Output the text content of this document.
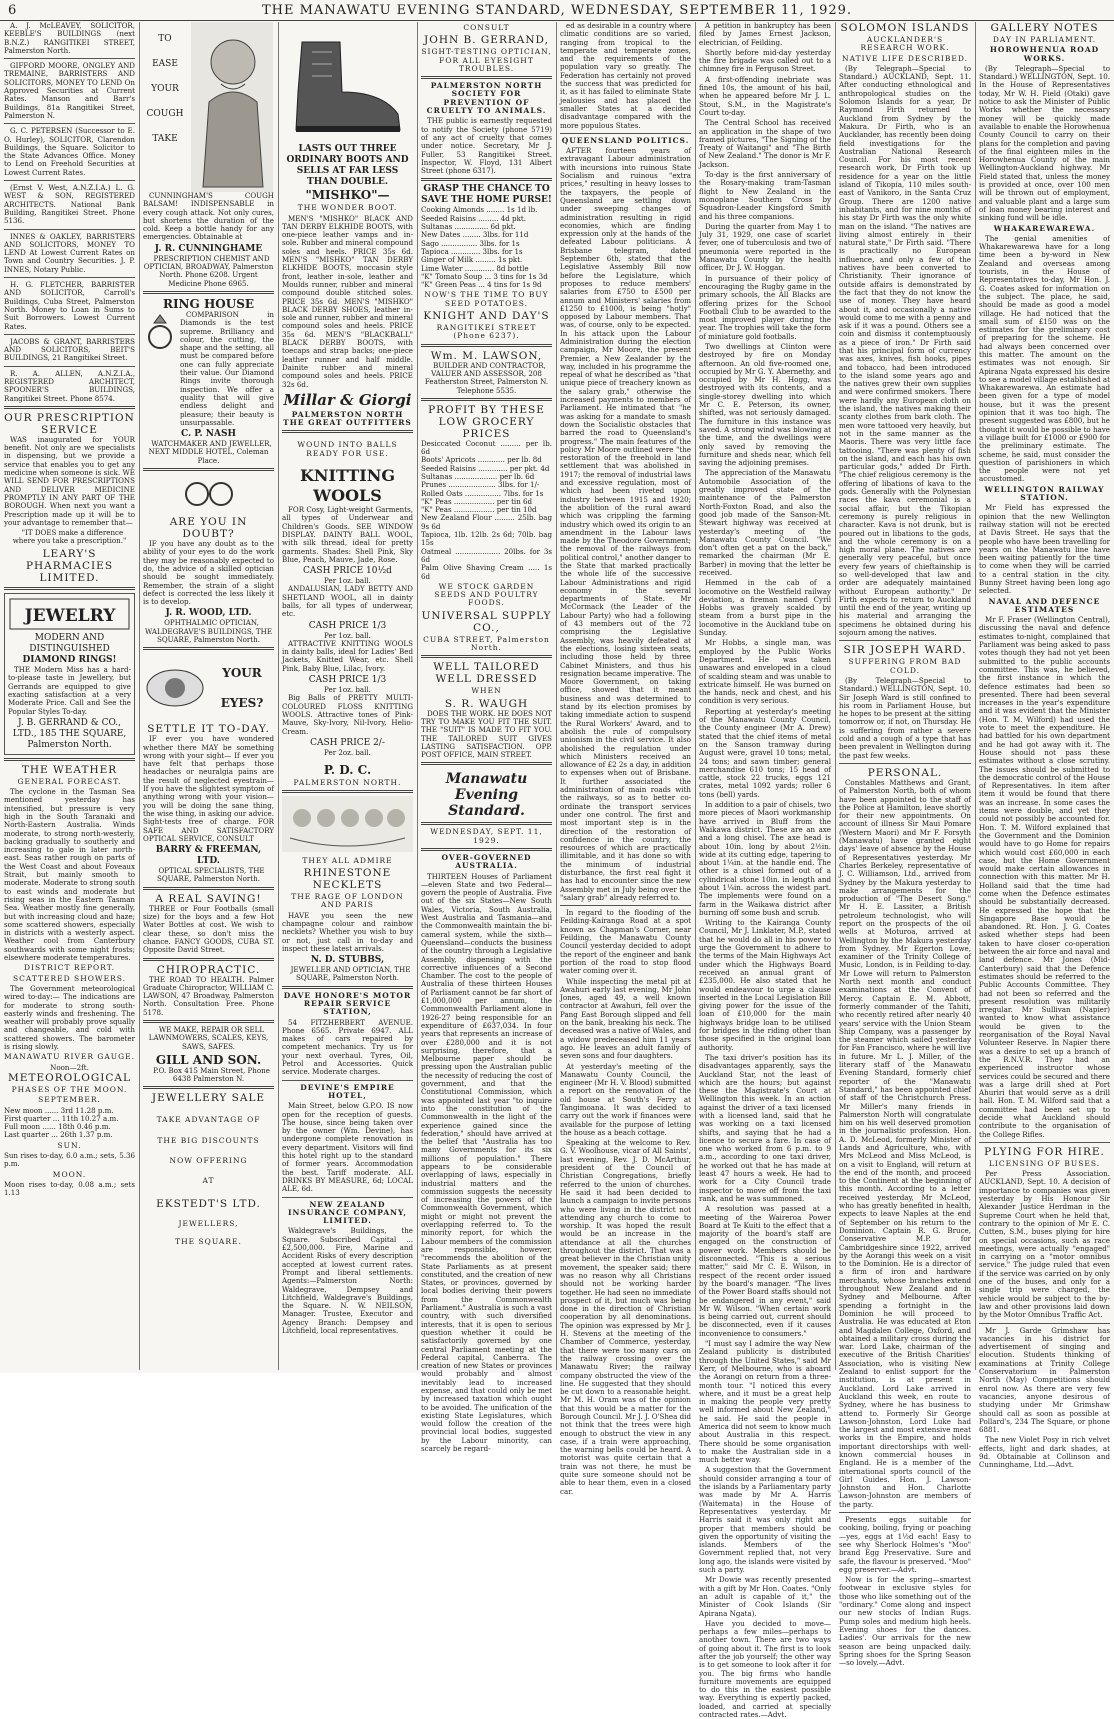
6	THE MANAWATU EVENING STANDARD, WEDNESDAY, SEPTEMBER 11, 1929.

A. J. McLEAVEY, SOLICITOR, KEEBLE'S BUILDINGS (next B.N.Z.) RANGITIKEI STREET, Palmerston North.

GIFFORD MOORE, ONGLEY AND TREMAINE, BARRISTERS AND SOLICITORS, MONEY TO LEND On Approved Securities at Current Rates. Manson and Barr's Buildings, 81a Rangitikei Street, Palmerston N.

G. C. PETERSEN (Successor to E. O. Hurley), SOLICITOR, Clarendon Buildings, the Square. Solicitor to the State Advances Office. Money to Lend on Freehold Securities at Lowest Current Rates.

(Ernst V. West, A.N.Z.I.A.) L. G. WEST & SON, REGISTERED ARCHITECTS. National Bank Building, Rangitikei Street. Phone 5136.

INNES & OAKLEY, BARRISTERS AND SOLICITORS, MONEY TO LEND At Lowest Current Rates on Town and Country Securities. J. P. INNES, Notary Public.

H. G. FLETCHER, BARRISTER AND SOLICITOR, Carroll's Buildings, Cuba Street, Palmerston North. Money to Loan in Sums to Suit Borrowers. Lowest Current Rates.

JACOBS & GRANT, BARRISTERS AND SOLICITORS, BEIT'S BUILDINGS, 21 Rangitikei Street.

R. A. ALLEN, A.N.Z.I.A., REGISTERED ARCHITECT, SPOONER'S BUILDINGS, Rangitikei Street. Phone 8574.

OUR PRESCRIPTION SERVICE

WAS inaugurated for YOUR benefit. Not only are we specialists in dispensing, but we provide a service that enables you to get any medicine when someone is sick. WE WILL SEND FOR PRESCRIPTIONS AND DELIVER MEDICINE PROMPTLY IN ANY PART OF THE BOROUGH. When next you want a Prescription made up it will be to your advantage to remember that—

"IT DOES make a difference where you take a prescription."

LEARY'S PHARMACIES LIMITED.
JEWELRY
MODERN AND
DISTINGUISHED
DIAMOND RINGS!

THE Modern Miss has a hard-to-please taste in Jewellery, but Gerrands are equipped to give exacting satisfaction at a very Moderate Price. Call and See the Popular Styles To-day.

J. B. GERRAND & CO., LTD., 185 THE SQUARE, Palmerston North.
THE WEATHER
GENERAL FORECAST.

The cyclone in the Tasman Sea mentioned yesterday has intensified, but pressure is very high in the South Taranaki and North-Eastern Australia. Winds moderate, to strong north-westerly, backing gradually to southerly and increasing to gale in later north-east. Seas rather rough on parts of the West Coast and about Foveaux Strait, but mainly smooth to moderate. Moderate to strong south to east winds and moderate but rising seas in the Eastern Tasman Sea. Weather mostly fine generally, but with increasing cloud and haze; some scattered showers, especially in districts with a westerly aspect. Weather cool from Canterbury southwards with some night frosts; elsewhere moderate temperatures.

DISTRICT REPORT.
SCATTERED SHOWERS.

The Government meteorological wired to-day:— The indications are for moderate to strong south-easterly winds and freshening. The weather will probably prove squally and changeable, and cold with scattered showers. The barometer is rising slowly.

MANAWATU RIVER GAUGE.
Noon—2ft.
METEOROLOGICAL
PHASES OF THE MOON.
SEPTEMBER.
New moon ...... 3rd 11.28 p.m.
First quarter ... 11th 10.27 a.m.
Full moon ...... 18th 0.46 p.m.
Last quarter ... 26th 1.37 p.m.
SUN.
Sun rises to-day, 6.0 a.m.; sets, 5.36 p.m.
MOON.
Moon rises to-day, 0.08 a.m.; sets 1.13
TO
EASE
YOUR
COUGH
TAKE

CUNNINGHAM'S COUGH BALSAM! INDISPENSABLE in every cough attack. Not only cures, but shortens the duration of the cold. Keep a bottle handy for any emergencies. Obtainable at

J. R. CUNNINGHAME

PRESCRIPTION CHEMIST AND OPTICIAN, BROADWAY, Palmerston North. Phone 6208. Urgent Medicine Phone 6965.

RING HOUSE

COMPARISON in Diamonds is the test supreme. Brilliancy and colour, the cutting, the shape and the setting, all must be compared before one can fully appreciate their value. Our Diamond Rings invite thorough inspection. We offer a quality that will give endless delight and pleasure; their beauty is unsurpassable.

C. P. NASH

WATCHMAKER AND JEWELLER, NEXT MIDDLE HOTEL, Coleman Place.

ARE YOU IN DOUBT?

IF you have any doubt as to the ability of your eyes to do the work they may be reasonably expected to do, the advice of a skilled optician should be sought immediately. Remember, the strain of a slight defect is corrected the less likely it is to develop.

J. R. WOOD, LTD.

OPHTHALMIC OPTICIAN, WALDEGRAVE'S BUILDINGS, THE SQUARE, Palmerston North.

YOUR
EYES?
SETTLE IT TO-DAY.

IF ever you have wondered whether there MAY be something wrong with your sight— If ever you have felt that perhaps those headaches or neuralgia pains are the result of neglected eyestrain— If you have the slightest symptom of anything wrong with your vision—you will be doing the sane thing, the wise thing, in asking our advice. Sight-tests free of charge. FOR SAFE AND SATISFACTORY OPTICAL SERVICE, CONSULT

BARRY & FREEMAN, LTD.

OPTICAL SPECIALISTS, THE SQUARE, Palmerston North.

A REAL SAVING!

THREE or Four Footballs (small size) for the boys and a few Hot Water Bottles at cost. We wish to clear these, so don't miss the chance. FANCY GOODS, CUBA ST. Opposite David Street.

CHIROPRACTIC.

THE ROAD TO HEALTH. Palmer Graduate Chiropractor, WILLIAM C. LAWSON, 47 Broadway, Palmerston North. Consultation Free. Phone 5178.

WE MAKE, REPAIR OR SELL LAWNMOWERS, SCALES, KEYS, SAWS, SAFES.

GILL AND SON.

P.O. Box 415 Main Street, Phone 6438 Palmerston N.

JEWELLERY SALE
TAKE ADVANTAGE OF
THE BIG DISCOUNTS
NOW OFFERING
AT
EKSTEDT'S LTD.
JEWELLERS,
THE SQUARE.
LASTS OUT THREE ORDINARY BOOTS AND SELLS AT FAR LESS THAN DOUBLE.
"MISHKO"—
THE WONDER BOOT.

MEN'S "MISHKO" BLACK AND TAN DERBY ELKHIDE BOOTS, with one-piece leather vamps and in-sole. Rubber and mineral compound soles and heels. PRICE 35s 6d. MEN'S "MISHKO" TAN DERBY ELKHIDE BOOTS, moccasin style front, leather in-sole, leather and Moulds runner, rubber and mineral compound double stitched soles. PRICE 35s 6d. MEN'S "MISHKO" BLACK DERBY SHOES, leather in-sole and runner, rubber and mineral compound soles and heels. PRICE 35s 6d. MEN'S "BLACKBALL" BLACK DERBY BOOTS, with toecaps and strap backs; one-piece leather runner and half middle. Dainite rubber and mineral compound soles and heels. PRICE 32s 6d.

Millar & Giorgi
PALMERSTON NORTH THE GREAT OUTFITTERS
WOUND INTO BALLS READY FOR USE.
KNITTING
WOOLS

FOR Cosy, Light-weight Garments, all types of Underwear and Children's Goods. SEE WINDOW DISPLAY. DAINTY BALL WOOL, with silk thread, ideal for pretty garments. Shades: Shell Pink, Sky Blue, Peach, Mauve, Jade, Rose.

CASH PRICE 10½d
Per 1oz. ball.

ANDALUSIAN, LADY BETTY AND SHETLAND WOOL, all in dainty balls, for all types of underwear, etc.

CASH PRICE 1/3
Per 1oz. ball.

ATTRACTIVE KNITTING WOOLS in dainty balls, ideal for Ladies' Bed Jackets, Knitted Wear, etc. Shell Pink, Baby Blue, Lilac, Ivory.

CASH PRICE 1/3
Per 1oz. ball.

Big Balls of PRETTY MULTI-COLOURED FLOSS KNITTING WOOLS. Attractive tones of Pink-Mauve, Sky-Ivory, Nil-Ivory, Helio-Cream.

CASH PRICE 2/-
Per 2oz. ball.
P. D. C.
PALMERSTON NORTH.
THEY ALL ADMIRE
RHINESTONE NECKLETS
THE RAGE OF LONDON AND PARIS

HAVE you seen the new champagne colour and rainbow necklets? Whether you wish to buy or not, just call in to-day and inspect these latest arrivals.

N. D. STUBBS,

JEWELLER AND OPTICIAN, THE SQUARE, Palmerston North.

DAVE HONORE'S MOTOR REPAIR SERVICE STATION,

54 FITZHERBERT AVENUE. Phone 6565. Private 6947. ALL makes of cars repaired by competent mechanics. Try us for your next overhaul. Tyres, Oil, Petrol and Accessories. Quick service. Moderate charges.

DEVINE'S EMPIRE HOTEL,

Main Street, below G.P.O. IS now open for the reception of guests. The house, since being taken over by the owner (Wm. Devine), has undergone complete renovation in every department. Visitors will find this hotel right up to the standard of former years. Accommodation the best. Tariff moderate. ALL DRINKS BY MEASURE, 6d; LOCAL ALE, 6d.

NEW ZEALAND INSURANCE COMPANY, LIMITED.

Waldegrave's Buildings, the Square. Subscribed Capital ... £2,500,000. Fire, Marine and Accident Risks of every description accepted at lowest current rates. Prompt and liberal settlements. Agents:—Palmerston North: Waldegrave, Dempsey and Litchfield, Waldegrave's Buildings, the Square. N. W. NEILSON, Manager. Trustee, Executor and Agency Branch: Dempsey and Litchfield, local representatives.

CONSULT
JOHN B. GERRAND,
SIGHT-TESTING OPTICIAN, FOR ALL EYESIGHT TROUBLES.
PALMERSTON NORTH SOCIETY FOR PREVENTION OF CRUELTY TO ANIMALS.

THE public is earnestly requested to notify the Society (phone 5719) of any act of cruelty that comes under notice. Secretary, Mr J. Fuller, 53 Rangitikei Street. Inspector, W. Floyd, 131 Albert Street (phone 6317).

GRASP THE CHANCE TO SAVE THE HOME PURSE!
Cooking Almonds ........ 1s 1d lb.
Seeded Raisins ......... 4d pkt.
Sultanas ............... 6d pkt.
New Dates ........ 3lbs. for 11d
Sago ................ 3lbs. for 1s
Tapioca ............. 3lbs. for 1s
Ginger of Milk ......... 1s pkt.
Lime Water ............. 8d bottle
"K" Tomato Soup ... 3 tins for 1s 3d
"K" Green Peas ... 4 tins for 1s 9d
NOW'S THE TIME TO BUY SEED POTATOES.
KNIGHT AND DAY'S
RANGITIKEI STREET (Phone 6237).
Wm. M. LAWSON,

BUILDER AND CONTRACTOR, VALUER AND ASSESSOR, 208 Featherston Street, Palmerston N. Telephone 5535.

PROFIT BY THESE LOW GROCERY PRICES
Desiccated Coconut ......... per lb. 6d
Boots' Apricots ............ per lb. 8d
Seeded Raisins ............. per pkt. 4d
Sultanas ................... per lb. 6d
Prunes ..................... 3lbs. for 1/-
Rolled Oats ................ 7lbs. for 1s
"K" Peas .................. per tin 6d
"K" Peas .................. per tin 10d
New Zealand Flour ......... 25lb. bag 9s 6d
Tapioca, 1lb. 12lb. 2s 6d; 70lb. bag 15s
Oatmeal .................... 20lbs. for 3s 6d
Palm Olive Shaving Cream ..... 1s 6d
WE STOCK GARDEN SEEDS AND POULTRY FOODS.
UNIVERSAL SUPPLY CO.,
CUBA STREET, Palmerston North.
WELL TAILORED WELL DRESSED
WHEN
S. R. WAUGH

DOES THE WORK. HE DOES NOT TRY TO MAKE YOU FIT THE SUIT. THE "SUIT" IS MADE TO FIT YOU. THE TAILORED SUIT GIVES LASTING SATISFACTION. OPP. POST OFFICE, MAIN STREET.

Manawatu
Evening Standard.
WEDNESDAY, SEPT. 11, 1929.
OVER-GOVERNED AUSTRALIA.

THIRTEEN Houses of Parliament—eleven State and two Federal—govern the people of Australia. Five out of the six States—New South Wales, Victoria, South Australia, West Australia and Tasmania—and the Commonwealth maintain the bi-cameral system, while the sixth—Queensland—conducts the business of the country through a Legislative Assembly, dispensing with the corrective influences of a Second Chamber. The cost to the people of Australia of these thirteen Houses of Parliament cannot be far short of £1,000,000 per annum, the Commonwealth Parliament alone in 1926-27 being responsible for an expenditure of £637,034. In four years that represents an increase of over £280,000 and it is not surprising, therefore, that a Melbourne paper should be pressing upon the Australian public the necessity of reducing the cost of government, and that the Constitutional Commission, which was appointed last year "to inquire into the constitution of the Commonwealth in the light of the experience gained since the federation," should have arrived at the belief that "Australia has too many Governments for its six millions of population." There appears to be considerable overlapping of laws, especially in industrial matters and the commission suggests the necessity of increasing the powers of the Commonwealth Government, which might or might not prevent the overlapping referred to. To the minority report, for which the Labour members of the commission are responsible, however, "recommends the abolition of the State Parliaments as at present constituted, and the creation of new States, or provinces, governed by local bodies deriving their powers from the Commonwealth Parliament." Australia is such a vast country, with such diversified interests, that it is open to serious question whether it could be satisfactorily governed by one central Parliament meeting at the Federal capital, Canberra. The creation of new States or provinces would probably and almost inevitably lead to increased expense, and that could only be met by increased taxation which ought to be avoided. The unification of the existing State Legislatures, which would follow the creation of the provincial local bodies, suggested by the Labour minority, can scarcely be regard-

ed as desirable in a country where climatic conditions are so varied, ranging from tropical to the temperate and temperate zones, and the requirements of the population vary so greatly. The Federation has certainly not proved the success that was predicted for it, as it has failed to eliminate State jealousies and has placed the smaller States at a decided disadvantage compared with the more populous States.

QUEENSLAND POLITICS.

AFTER fourteen years of extravagant Labour administration with incursions into ruinous State Socialism and ruinous "extra prices," resulting in heavy losses to the taxpayers, the people of Queensland are settling down under sweeping changes of administration resulting in rigid economies, which are finding expression only at the hands of the defeated Labour politicians. A Brisbane telegram, dated September 6th, stated that the Legislative Assembly Bill now before the Legislature, which proposes to reduce members' salaries from £750 to £500 per annum and Ministers' salaries from £1250 to £1000, is being "hotly" opposed by Labour members. That was, of course, only to be expected. In his attack upon the Labour Administration during the election campaign, Mr Moore, the present Premier, a New Zealander by the way, included in his programme the repeal of what he described as "that unique piece of treachery known as the salary grab," otherwise the increased payments to members of Parliament. He intimated that "he was asking for a mandate to smash down the Socialistic obstacles that barred the road to Queensland's progress." The main features of the policy Mr Moore outlined were "the restoration of the freehold in land settlement that was abolished in 1917; the removal of industrial laws and excessive regulation, most of which had been riveted upon industry between 1915 and 1920; the abolition of the rural award which was crippling the farming industry which owed its origin to an amendment in the Labour laws made by the Theodore Government; the removal of the railways from political control," another danger to the State that marked practically the whole life of the successive Labour Administrations and rigid economy in the several departments of State. Mr McCormack (the Leader of the Labour Party) who had a following of 43 members out of the 72 comprising the Legislative Assembly, was heavily defeated at the elections, losing sixteen seats, including those held by three Cabinet Ministers, and thus his resignation became imperative. The Moore Government, on taking office, showed that it meant business and was determined to stand by its election promises by taking immediate action to suspend the Rural Workers' Award, and to abolish the rule of compulsory unionism in the civil service. It also abolished the regulation under which Ministers received an allowance of £2 2s a day, in addition to expenses when out of Brisbane. It further associated the administration of main roads with the railways, so as to better co-ordinate the transport services under one control. The first and most important step is in the direction of the restoration of confidence in the country, the resources of which are practically illimitable, and it has done so with the minimum of industrial disturbance, the first real fight it has had to encounter since the new Assembly met in July being over the "salary grab" already referred to.

In regard to the flooding of the Feilding-Kairanga Road at a spot known as Chapman's Corner, near Feilding, the Manawatu County Council yesterday decided to adopt the report of the engineer and bank portion of the road to stop flood water coming over it.

While inspecting the metal pit at Awahuri early last evening, Mr John Jones, aged 49, a well known contractor at Awahuri, fell over the Pang East Borough slipped and fell on the bank, breaking his neck. The deceased was a native of Wales, and a widow predeceased him 11 years ago. He leaves an adult family of seven sons and four daughters.

At yesterday's meeting of the Manawatu County Council, the engineer (Mr H. V. Blood) submitted a report on the renovation of the old house at South's Ferry at Tangimoana. It was decided to carry out the work if finances were available for the purpose of letting the house as a beach cottage.

Speaking at the welcome to Rev. G. V. Woolhouse, vicar of All Saints', last evening, Rev. J. D. McArthur, president of the Council of Christian Congregations, briefly referred to the union of churches. He said it had been decided to launch a campaign to invite persons who were living in the district not attending any church to come to worship. It was hoped the result would be an increase in the attendance at all the churches throughout the district. That was a great believer in the Christian unity movement, the speaker said; there was no reason why all Christians should not be working harder together. He had seen no immediate prospect of it, but much was being done in the direction of Christian cooperation by all denominations. The opinion was expressed by Mr J. H. Stevens at the meeting of the Chamber of Commerce, yesterday, that there were too many cars on the railway crossing over the Manawatu River; the railway company obstructed the view of the line. He suggested that they should be cut down to a reasonable height. Mr M. H. Oram was of the opinion that this would be a matter for the Borough Council. Mr J. J. O'Shea did not think that the trees were high enough to obstruct the view in any case, if a train were approaching, the warning bells could be heard. A motorist was quite certain that a train was not there, he must be quite sure someone should not be able to hear them, even in a closed car.

A petition in bankruptcy has been filed by James Ernest Jackson, electrician, of Feilding.

Shortly before mid-day yesterday the fire brigade was called out to a chimney fire in Ferguson Street.

A first-offending inebriate was fined 10s, the amount of his bail, when he appeared before Mr J. L. Stout, S.M., in the Magistrate's Court to-day.

The Central School has received an application in the shape of two framed pictures, "The Signing of the Treaty of Waitangi" and "The Birth of New Zealand." The donor is Mr F. Jackson.

To-day is the first anniversary of the Rosary-making tram-Tasman flight to New Zealand in the monoplane Southern Cross by Squadron-Leader Kingsford Smith and his three companions.

During the quarter from May 1 to July 31, 1929, one case of scarlet fever, one of tuberculosis and two of pneumonia were reported in the Manawatu County by the health officer, Dr J. W. Hoggan.

In pursuance of their policy of encouraging the Rugby game in the primary schools, the All Blacks are offering prizes for the School Football Club to be awarded to the most improved player during the year. The trophies will take the form of miniature gold footballs.

Two dwellings at Clinton were destroyed by fire on Monday afternoon. An old five-roomed one, occupied by Mr G. Y. Abernethy, and occupied by Mr H. Hogg, was destroyed with its contents, and a single-storey dwelling into which Mr C. E. Peterson, its owner, shifted, was not seriously damaged. The furniture in this instance was saved. A strong wind was blowing at the time, and the dwellings were only saved by removing the furniture and sheds near, which fell saving the adjoining premises.

The appreciation of the Manawatu Automobile Association of the greatly improved state of the maintenance of the Palmerston North-Foxton Road, and also the good job made of the Sanson-Mt. Stewart highway was received at yesterday's meeting of the Manawatu County Council. "We don't often get a pat on the back," remarked the chairman (Mr E. Barber) in moving that the letter be received.

Hemmed in the cab of a locomotive on the Westfield railway deviation, a fireman named Cyril Hobbs was gravely scalded by steam from a burst pipe in the locomotive in the Auckland tube on Sunday.

Mr Hobbs, a single man, was employed by the Public Works Department. He was taken unawares and enveloped in a cloud of scalding steam and was unable to extricate himself. He was burned on the hands, neck and chest, and his condition is very serious.

Reporting at yesterday's meeting of the Manawatu County Council, the County engineer (Mr A. Drew) stated that the chief items of metal on the Sanson tramway during August were, gravel 10 tons; metal, 24 tons; and sawn timber; general merchandise 610 tons; 15 head of cattle, stock 22 trucks, eggs 121 crates, metal 1092 yards; roller 6 tons (bell) yards.

In addition to a pair of chisels, two more pieces of Maori workmanship have arrived in Bluff from the Waikawa district. These are an axe and a long chisel. The axe head is about 10in. long by about 2½in. wide at its cutting edge, tapering to about 1¼in. at the handle end. The other is a chisel formed out of a cylindrical stone 10in. in length and about 1¼in. across the widest part. The implements were found on a farm in the Waikawa district after burning off some bush and scrub.

Writing to the Kairanga County Council, Mr J. Linklater, M.P., stated that he would do all in his power to urge the Government to adhere to the terms of the Main Highways Act under which the Highways Board received an annual grant of £235,000. He also stated that he would endeavour to urge a clause inserted in the Local Legislation Bill giving power for the issue of the loan of £10,000 for the main highways bridge loan to be utilised for bridges in the riding other than those specified in the original loan authority.

The taxi driver's position has its disadvantages apparently, says the Auckland Star, not the least of which are the hours; but against these the Magistrate's Court at Wellington this week. In an action against the driver of a taxi licensed with a licensed land, said that he was working on a taxi licensed shifts, and saying that he had a licence to secure a fare. In case of one who worked from 6 p.m. to 9 a.m., according to one taxi driver, he worked out that he has made at least 47 hours a week. He had to work for a City Council trade inspector to move off from the taxi rank, and he was summoned.

A resolution was passed at a meeting of the Waireroa Power Board at Te Kuiti to the effect that a majority of the board's staff are engaged on the construction of power work. Members should be disconnected. "This is a serious matter," said Mr C. E. Wilson, in respect of the recent order issued by the board's manager. "The lives of the Power Board staffs should not be endangered in any event," said Mr W. Wilson. "When certain work is being carried out, current should be disconnected, even if it causes inconvenience to consumers."

"I must say I admire the way New Zealand publicity is distributed through the United States," said Mr Kerr, of Melbourne, who is aboard the Aorangi on return from a three-month tour. "I noticed this every where, and it must be a great help in making the people very pretty well informed about New Zealand," he said. He said the people in America did not seem to know much about Australia in this respect. There should be some organisation to make the Australian side in a much better way.

A suggestion that the Government should consider arranging a tour of the islands by a Parliamentary party was made by Mr A. Harris (Waitemata) in the House of Representatives yesterday. Mr Harris said it was only right and proper that members should be given the opportunity of visiting the islands. Members of the Government replied that, not very long ago, the islands were visited by such a party.

Mr Dowie was recently presented with a gift by Mr Hon. Coates. "Only an adult is capable of it," the Minister of Cook Islands (Sir Apirana Ngata).

Have you decided to move—perhaps a few miles—perhaps to another town. There are two ways of going about it. The first is to look after the job yourself; the other way is to get someone to look after it for you. The big firms who handle furniture movements are equipped to do this in the easiest possible way. Everything is expertly packed, loaded, and carried at specially contracted rates.—Advt.

SOLOMON ISLANDS
AUCKLANDER'S RESEARCH WORK.
NATIVE LIFE DESCRIBED.

(By Telegraph—Special to Standard.) AUCKLAND, Sept. 11. After conducting ethnological and anthropological studies on the Solomon Islands for a year, Dr Raymond Firth returned to Auckland from Sydney by the Makura. Dr Firth, who is an Aucklander, has recently been doing field investigations for the Australian National Research Council. For his most recent research work, Dr Firth took up residence for a year on the little island of Tikopia, 110 miles south-east of Vanikoro, in the Santa Cruz Group. There are 1200 native inhabitants, and for nine months of his stay Dr Firth was the only white man on the island. "The natives are living almost entirely in their natural state," Dr Firth said. "There is practically no European influence, and only a few of the natives have been converted to Christianity. Their ignorance of outside affairs is demonstrated by the fact that they do not know the use of money. They have heard about it, and occasionally a native would come to me with a penny and ask if it was a pound. Others see a coin and dismiss it contemptuously as a piece of iron." Dr Firth said that his principal form of currency was axes, knives, fish hooks, pipes and tobacco, had been introduced to the island some years ago and the natives grew their own supplies and were confirmed smokers. There were hardly any European cloth on the island, the natives making their scanty clothes from bark cloth. The men wore tattooed very heavily, but not in the same manner as the Maoris. There was very little face tattooing. "There was plenty of fish on the island, and each has his own particular gods," added Dr Firth. "The chief religious ceremony is the offering of libations of kava to the gods. Generally with the Polynesian races the kava ceremonial is a social affair, but the Tikopian ceremony is purely religious in character. Kava is not drunk, but is poured out in libations to the gods, and the whole ceremony is on a high moral plane. The natives are generally very peaceful, but once every few years of chieftainship is so well-developed that law and order are adequately maintained without European authority." Dr Firth expects to return to Auckland until the end of the year, writing up his material and arranging the specimens he obtained during his sojourn among the natives.

SIR JOSEPH WARD.
SUFFERING FROM BAD COLD.

(By Telegraph—Special to Standard.) WELLINGTON, Sept. 10. Sir Joseph Ward is still confined to his room in Parliament House, but he hopes to be present at the sitting tomorrow or, if not, on Thursday. He is suffering from rather a severe cold and a cough of a type that has been prevalent in Wellington during the past few weeks.

PERSONAL.

Constables Matthews and Grant, of Palmerston North, both of whom have been appointed to the staff of the Police at Hamilton, leave shortly for their new appointments. On account of illness Sir Maui Pomare (Western Maori) and Mr F. Forsyth (Manawatu) have granted eight days' leave of absence by the House of Representatives yesterday. Mr Charles Berkeley, representative of J. C. Williamson, Ltd., arrived from Sydney by the Makura yesterday to make arrangements for the production of "The Desert Song." Mr H. E. Lassiter, a British petroleum technologist, who will report on the prospects of the oil wells at Moturoa, arrived at Wellington by the Makura yesterday from Sydney. Mr Egerton Lowe, examiner of the Trinity College of Music, London, is in Feilding to-day. Mr Lowe will return to Palmerston North next month and conduct examinations at the Convent of Mercy. Captain E. M. Abbott, formerly commander of the Tahiti, who recently retired after nearly 40 years' service with the Union Steam Ship Company, was a passenger by the steamer which sailed yesterday for Fan Francisco, where he will live in future. Mr L. J. Miller, of the literary staff of the Manawatu Evening Standard, formerly chief reporter of the "Manawatu Standard," has been appointed chief of staff of the Christchurch Press. Mr Miller's many friends in Palmerston North will congratulate him on his well deserved promotion in the journalistic profession. Hon. A. D. McLeod, formerly Minister of Lands and Agriculture, who, with Mrs McLeod and Miss McLeod, is on a visit to England, will return at the end of the month, and proceed to the Continent at the beginning of this month. According to a letter received yesterday, Mr McLeod, who has greatly benefited in health, expects to leave Naples at the end of September on his return to the Dominion. Captain R. G. Bruce, Conservative M.P. for Cambridgeshire since 1922, arrived by the Aorangi this week on a visit to the Dominion. He is a director of a firm of iron and hardware merchants, whose branches extend throughout New Zealand and in Sydney and Melbourne. After spending a fortnight in the Dominion he will proceed to Australia. He was educated at Eton and Magdalen College, Oxford, and obtained a military cross during the war. Lord Lake, chairman of the executive of the British Charities' Association, who is visiting New Zealand to enlist support for the institution, is at present in Auckland. Lord Lake arrived in Auckland this week, en route to Sydney, where he has business to attend to. Formerly Sir George Lawson-Johnston, Lord Luke had the largest and most extensive meat works in the Empire, and holds important directorships with well-known commercial houses in England. He is a member of the international sports council of the Girl Guides. Hon. J. Lawson-Johnston and Hon. Charlotte Lawson-Johnston are members of the party.

Presents eggs suitable for cooking, boiling, frying or poaching—yes, eggs at 1½d each! Easy to see why Sherlock Holmes's "Moo" brand Egg Preservative. Sure and safe, the flavour is preserved. "Moo" egg preserver.—Advt.

Now is for the spring—smartest footwear in exclusive styles for those who like something out of the "ordinary." Come along and inspect our new stocks of Indian Rugs. Pump soles and medium high heels. Evening shoes for the dances. Ladies'. Our arrivals for the new season are being unpacked daily. Spring shoes for the Spring Season—so lovely.—Advt.

GALLERY NOTES
DAY IN PARLIAMENT.
HOROWHENUA ROAD WORKS.

(By Telegraph—Special to Standard.) WELLINGTON, Sept. 10. In the House of Representatives today, Mr W. H. Field (Otaki) gave notice to ask the Minister of Public Works whether the necessary money will be quickly made available to enable the Horowhenua County Council to carry on their plans for the completion and paving of the final eighteen miles in the Horowhenua County of the main Wellington-Auckland highway. Mr Field stated that, unless the money is provided at once, over 100 men will be thrown out of employment, and valuable plant and a large sum of loan money bearing interest and sinking fund will be idle.

WHAKAREWAREWA.

The genial amenities of Whakarewarewa have for a long time been a by-word in New Zealand and overseas among tourists, in the House of Representatives to-day, Mr Hon. J. G. Coates asked for information on the subject. The place, he said, should be made as good a model village. He had noticed that the small sum of £150 was on the estimates for the preliminary cost of preparing for the scheme. He had always been concerned over this matter. The amount on the estimates was not enough. Sir Apirana Ngata expressed his desire to see a model village established at Whakarewarewa. An estimate had been given for a type of model house, but it was the present opinion that it was too high. The present suggested was £800, but he thought it would be possible to have a village built for £1000 or £900 for the preliminary estimate. The scheme, he said, must consider the question of parishioners in which the people were not yet accustomed.

WELLINGTON RAILWAY STATION.

Mr Field has expressed the opinion that the new Wellington railway station will not be erected at Davis Street. He says that the people who have been travelling for years on the Manawatu line have been waiting patiently for the time to come when they will be carried to a central station in the city. Bunny Street having been long ago selected.

NAVAL AND DEFENCE ESTIMATES

Mr F. Fraser (Wellington Central), discussing the naval and defence estimates to-night, complained that Parliament was being asked to pass votes though they had not yet been submitted to the public accounts committee. This was, he believed, the first instance in which the defence estimates had been so presented. There had been several increases in the year's expenditure and it was evident that the Minister (Hon. T. M. Wilford) had used the vote to meet the expenditure. He had battled for his own department and he had got away with it. The House should not pass these estimates without a close scrutiny. The issues should be submitted to the democratic control of the House of Representatives. In item after item it would be found that there was an increase. In some cases the items were double, and yet they could not possibly be accounted for. Hon. T. M. Wilford explained that the Government and the Dominion would have to go Home for repairs which would cost £60,000 in each case, but the Home Government would make certain allowances in connection with this matter. Mr H. Holland said that the time had come when the Defence estimates should be substantially decreased. He expressed the hope that the Singapore Base would be abandoned. Rt. Hon. J. G. Coates asked whether steps had been taken to have closer co-operation between the air force and naval and land defence. Mr Jones (Mid-Canterbury) said that the Defence estimates should be referred to the Public Accounts Committee. They had not been so referred and the present resolution was militarily irregular. Mr Sullivan (Napier) wanted to know what assistance would be given to the reorganisation of the Royal Naval Volunteer Reserve. In Napier there was a desire to set up a branch of the R.N.V.R. They had an experienced instructor whose services could be secured and there was a large drill shed at Port Ahuriri that would serve as a drill hall. Hon. T. M. Wilford said that a committee had been set up to decide what Auckland should contribute to the organisation of the College Rifles.

PLYING FOR HIRE.
LICENSING OF BUSES.

Per Press Association. AUCKLAND, Sept. 10. A decision of importance to companies was given yesterday by His Honour Sir Alexander Justice Herdman in the Supreme Court when he held that, contrary to the opinion of Mr E. C. Cutten, S.M., buses plying for hire on special occasions, such as race meetings, were actually "engaged" in carrying on a "motor omnibus service." The judge ruled that even if the service was carried on by only one of the buses, and only for a single trip were charged, the vehicle would be subject to the by-law and other provisions laid down by the Motor Omnibus Traffic Act.

Mr J. Garde Grimshaw has vacancies in his district for advertisement of singing and elocution. Students thinking of examinations at Trinity College Conservatorium in Palmerston North (May) Competitions should enrol now. As there are very few vacancies, anyone desirous of studying under Mr Grimshaw should call as soon as possible at Pollard's, 234 The Square, or phone 6881.

The new Violet Posy in rich velvet effects, light and dark shades, at 9d. Obtainable at Collinson and Cunninghame, Ltd.—Advt.
